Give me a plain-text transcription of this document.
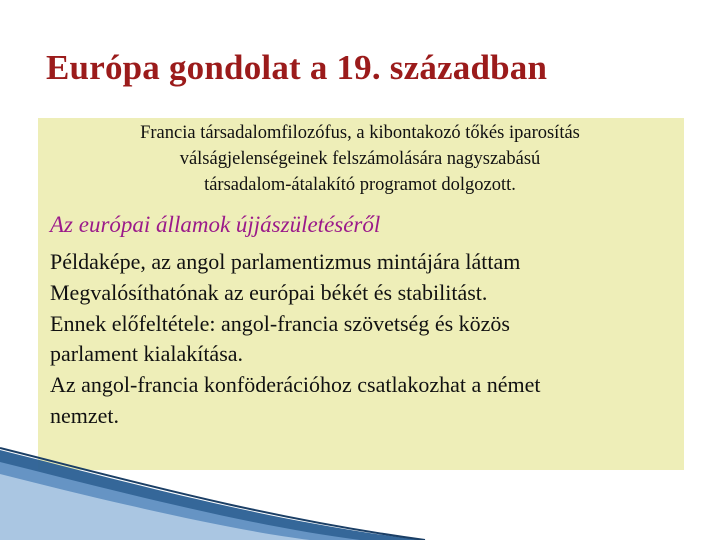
Európa gondolat a 19. században

Francia társadalomfilozófus, a kibontakozó tőkés iparosítás

válságjelenségeinek felszámolására nagyszabású

társadalom-átalakító programot dolgozott.

Az európai államok újjászületéséről

Példaképe, az angol parlamentizmus mintájára láttam

Megvalósíthatónak az európai békét és stabilitást.

Ennek előfeltétele: angol-francia szövetség és közös

parlament kialakítása.

Az angol-francia konföderációhoz csatlakozhat a német

nemzet.
